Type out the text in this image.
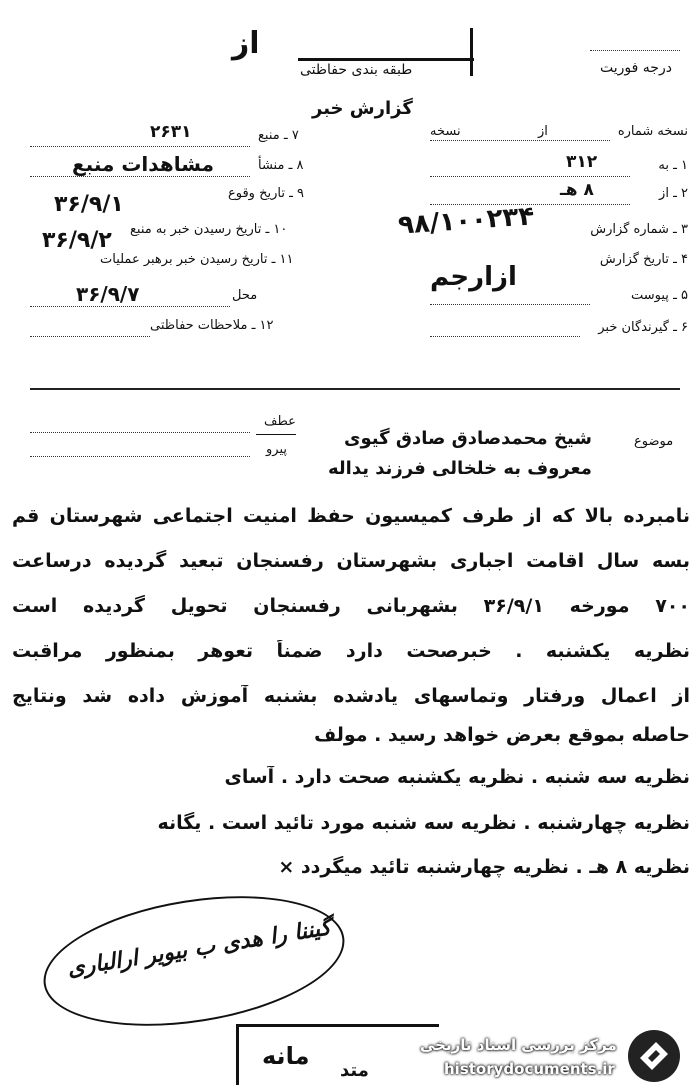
از
طبقه بندی حفاظتی	درجه فوریت
گزارش خبر
نسخه شماره
از
نسخه
۱ ـ به
۳۱۲
۲ ـ از
۸ هـ
۳ ـ شماره گزارش
۹۸/۱۰۰۲۳۴
۴ ـ تاریخ گزارش
ازارجم
۵ ـ پیوست
۶ ـ گیرندگان خبر
۷ ـ منبع
۲۶۳۱
۸ ـ منشأ
مشاهدات منبع
۹ ـ تاریخ وقوع
۳۶/۹/۱
۱۰ ـ تاریخ رسیدن خبر به منبع
۳۶/۹/۲
۱۱ ـ تاریخ رسیدن خبر برهبر عملیات
۳۶/۹/۷	محل
۱۲ ـ ملاحظات حفاظتی
موضوع
شیخ محمدصادق صادق گیوی
معروف به خلخالی فرزند یداله
عطف
پیرو
نامبرده بالا که از طرف کمیسیون حفظ امنیت اجتماعی شهرستان قم
بسه سال اقامت اجباری بشهرستان رفسنجان تبعید گردیده درساعت
۷۰۰ مورخه ۳۶/۹/۱ بشهربانی رفسنجان تحویل گردیده است
نظریه یکشنبه . خبرصحت دارد ضمناً تعوهر بمنظور مراقبت
از اعمال ورفتار وتماسهای یادشده بشنبه آموزش داده شد ونتایج
حاصله بموقع بعرض خواهد رسید . مولف
نظریه سه شنبه . نظریه یکشنبه صحت دارد . آسای
نظریه چهارشنبه . نظریه سه شنبه مورد تائید است . یگانه
نظریه ۸ هـ . نظریه چهارشنبه تائید میگردد ×
گیننا را هدی ب بیویر ارالباری
مانه
متد
مرکز بررسی اسناد تاریخی
historydocuments.ir
